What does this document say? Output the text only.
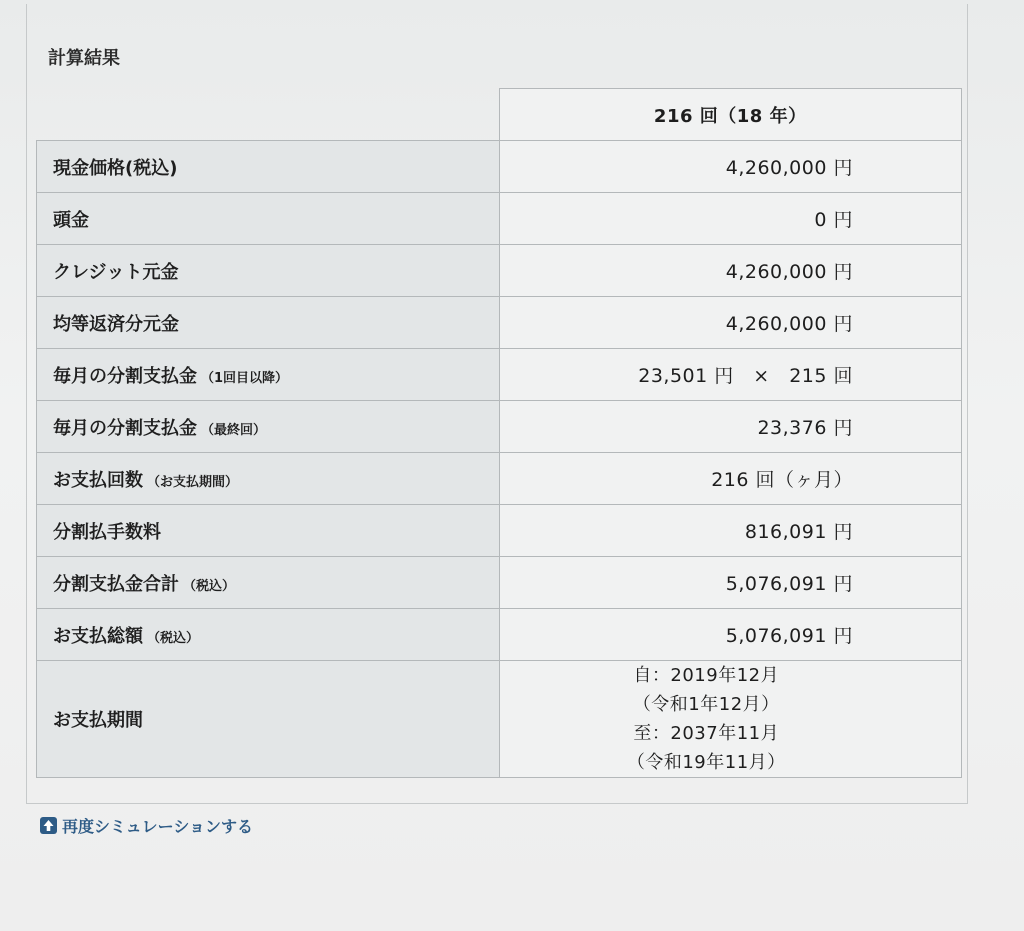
計算結果
	216 回（18 年）
現金価格(税込)	4,260,000 円
頭金	0 円
クレジット元金	4,260,000 円
均等返済分元金	4,260,000 円
毎月の分割支払金 （1回目以降）	23,501 円　×　215 回
毎月の分割支払金 （最終回）	23,376 円
お支払回数 （お支払期間）	216 回（ヶ月）
分割払手数料	816,091 円
分割支払金合計 （税込）	5,076,091 円
お支払総額 （税込）	5,076,091 円
お支払期間	自：2019年12月
（令和1年12月）
至：2037年11月
（令和19年11月）
再度シミュレーションする
